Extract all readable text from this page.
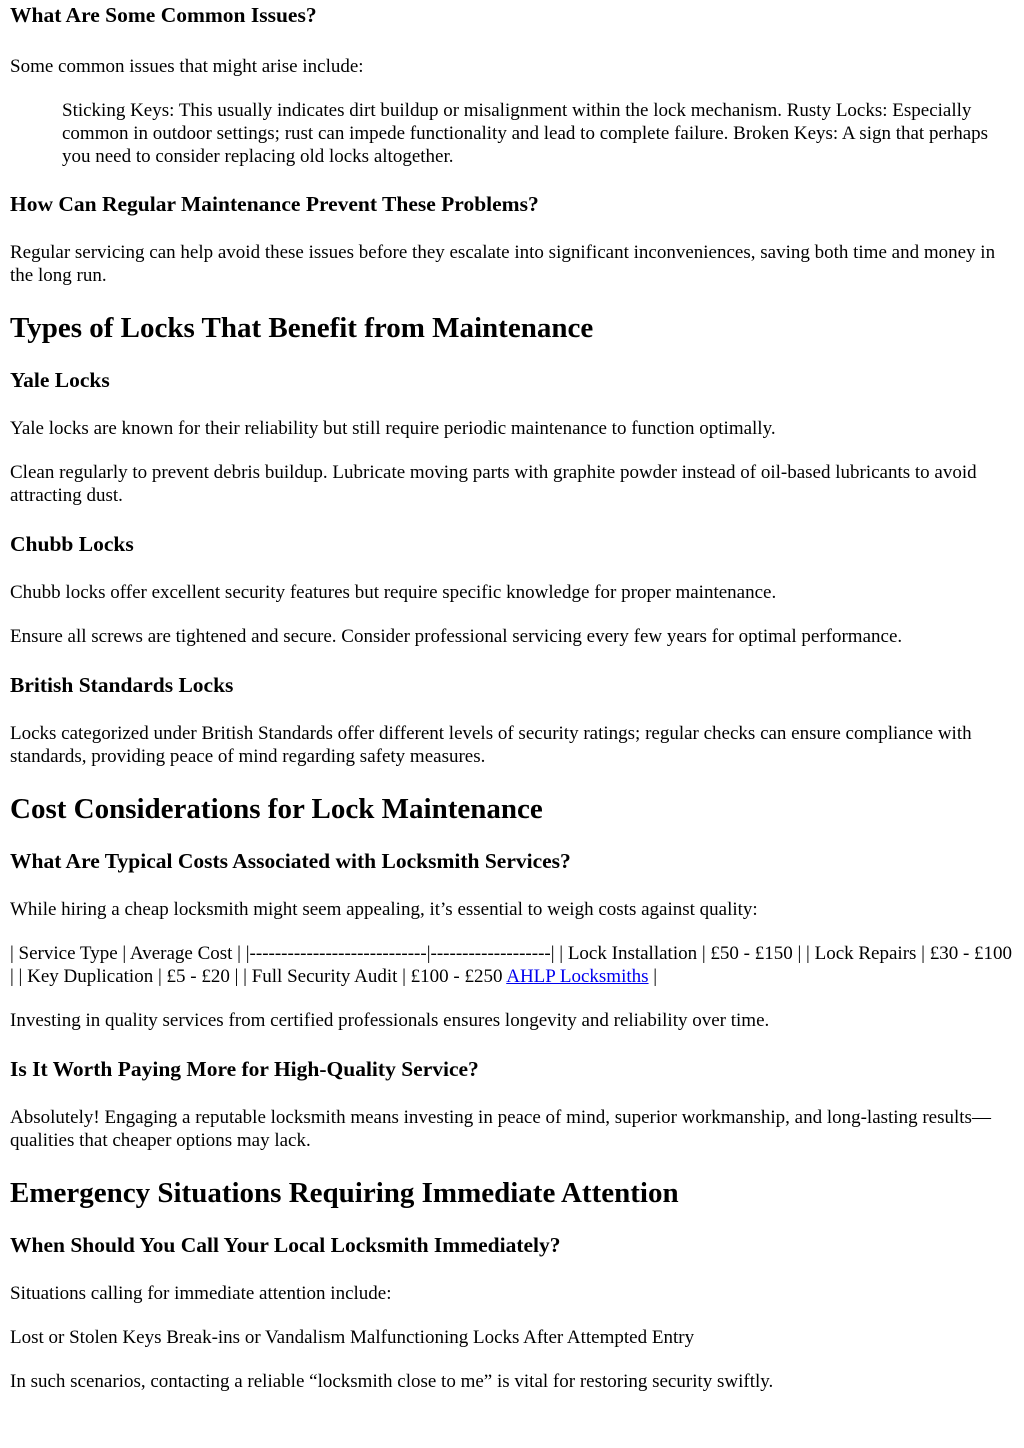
What Are Some Common Issues?

Some common issues that might arise include:

Sticking Keys: This usually indicates dirt buildup or misalignment within the lock mechanism. Rusty Locks: Especially common in outdoor settings; rust can impede functionality and lead to complete failure. Broken Keys: A sign that perhaps you need to consider replacing old locks altogether.
How Can Regular Maintenance Prevent These Problems?

Regular servicing can help avoid these issues before they escalate into significant inconveniences, saving both time and money in the long run.

Types of Locks That Benefit from Maintenance
Yale Locks

Yale locks are known for their reliability but still require periodic maintenance to function optimally.

Clean regularly to prevent debris buildup. Lubricate moving parts with graphite powder instead of oil-based lubricants to avoid attracting dust.

Chubb Locks

Chubb locks offer excellent security features but require specific knowledge for proper maintenance.

Ensure all screws are tightened and secure. Consider professional servicing every few years for optimal performance.

British Standards Locks

Locks categorized under British Standards offer different levels of security ratings; regular checks can ensure compliance with standards, providing peace of mind regarding safety measures.

Cost Considerations for Lock Maintenance
What Are Typical Costs Associated with Locksmith Services?

While hiring a cheap locksmith might seem appealing, it’s essential to weigh costs against quality:

| Service Type | Average Cost | |----------------------------|-------------------| | Lock Installation | £50 - £150 | | Lock Repairs | £30 - £100 | | Key Duplication | £5 - £20 | | Full Security Audit | £100 - £250 AHLP Locksmiths |

Investing in quality services from certified professionals ensures longevity and reliability over time.

Is It Worth Paying More for High-Quality Service?

Absolutely! Engaging a reputable locksmith means investing in peace of mind, superior workmanship, and long-lasting results—qualities that cheaper options may lack.

Emergency Situations Requiring Immediate Attention
When Should You Call Your Local Locksmith Immediately?

Situations calling for immediate attention include:

Lost or Stolen Keys Break-ins or Vandalism Malfunctioning Locks After Attempted Entry

In such scenarios, contacting a reliable “locksmith close to me” is vital for restoring security swiftly.
